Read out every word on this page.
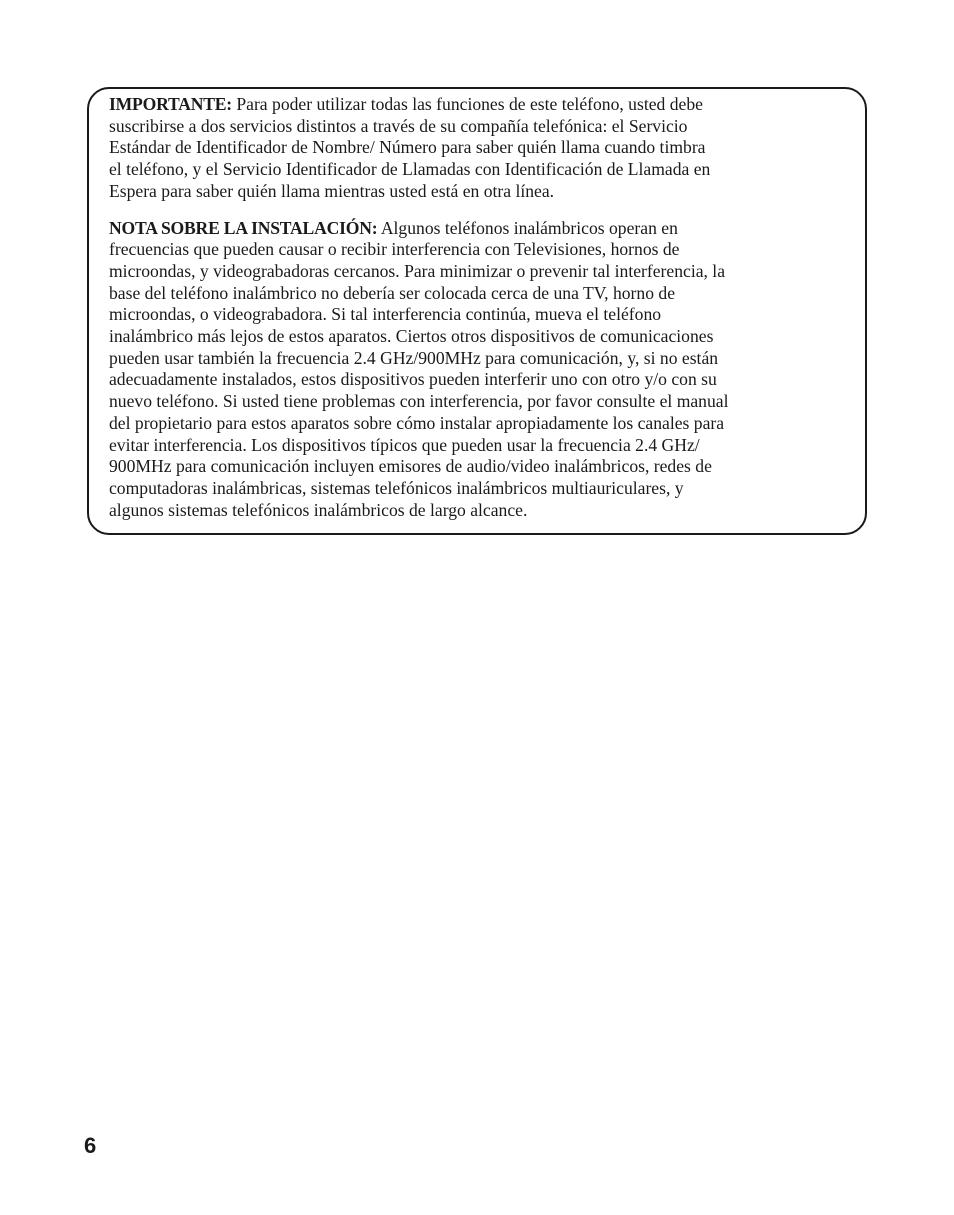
IMPORTANTE: Para poder utilizar todas las funciones de este teléfono, usted debe
suscribirse a dos servicios distintos a través de su compañía telefónica: el Servicio
Estándar de Identificador de Nombre/ Número para saber quién llama cuando timbra
el teléfono, y el Servicio Identificador de Llamadas con Identificación de Llamada en
Espera para saber quién llama mientras usted está en otra línea.

NOTA SOBRE LA INSTALACIÓN: Algunos teléfonos inalámbricos operan en
frecuencias que pueden causar o recibir interferencia con Televisiones, hornos de
microondas, y videograbadoras cercanos. Para minimizar o prevenir tal interferencia, la
base del teléfono inalámbrico no debería ser colocada cerca de una TV, horno de
microondas, o videograbadora. Si tal interferencia continúa, mueva el teléfono
inalámbrico más lejos de estos aparatos. Ciertos otros dispositivos de comunicaciones
pueden usar también la frecuencia 2.4 GHz/900MHz para comunicación, y, si no están
adecuadamente instalados, estos dispositivos pueden interferir uno con otro y/o con su
nuevo teléfono. Si usted tiene problemas con interferencia, por favor consulte el manual
del propietario para estos aparatos sobre cómo instalar apropiadamente los canales para
evitar interferencia. Los dispositivos típicos que pueden usar la frecuencia 2.4 GHz/
900MHz para comunicación incluyen emisores de audio/video inalámbricos, redes de
computadoras inalámbricas, sistemas telefónicos inalámbricos multiauriculares, y
algunos sistemas telefónicos inalámbricos de largo alcance.

6
